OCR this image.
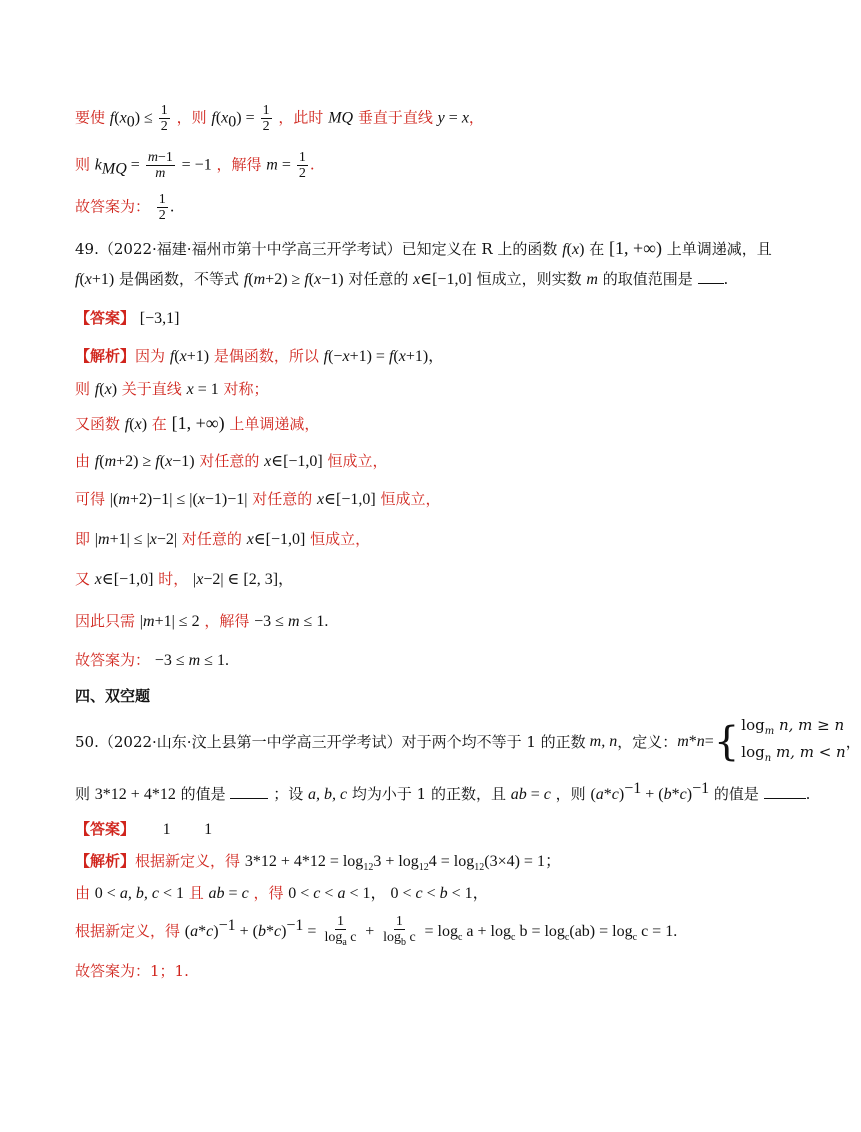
要使 $f(x_0) \le \frac{1}{2}$ ，则 $f(x_0) = \frac{1}{2}$ ，此时 MQ 垂直于直线 y = x，
则 $k_{MQ} = \frac{m-1}{m} = -1$ ，解得 $m = \frac{1}{2}$ .
故答案为： $\frac{1}{2}$ .
49.（2022·福建·福州市第十中学高三开学考试）已知定义在 R 上的函数 f(x) 在 [1, +∞) 上单调递减，且
f(x+1) 是偶函数，不等式 f(m+2) ≥ f(x−1) 对任意的 x∈[−1,0] 恒成立，则实数 m 的取值范围是 .
【答案】 [−3,1]
【解析】因为 f(x+1) 是偶函数，所以 f(−x+1) = f(x+1)，
则 f(x) 关于直线 x = 1 对称；
又函数 f(x) 在 [1, +∞) 上单调递减，
由 f(m+2) ≥ f(x−1) 对任意的 x∈[−1,0] 恒成立，
可得 |(m+2)−1| ≤ |(x−1)−1| 对任意的 x∈[−1,0] 恒成立，
即 |m+1| ≤ |x−2| 对任意的 x∈[−1,0] 恒成立，
又 x∈[−1,0] 时， |x−2| ∈ [2, 3]，
因此只需 |m+1| ≤ 2 ，解得 −3 ≤ m ≤ 1.
故答案为： −3 ≤ m ≤ 1.
四、双空题
50.（2022·山东·汶上县第一中学高三开学考试）对于两个均不等于 1 的正数 m, n ，定义： m * n = { $\log_m n$, m ≥ n
$\log_n m$, m < n
，
则 3*12 + 4*12 的值是	；设 a, b, c 均为小于 1 的正数，且 ab = c ，则 $(a*c)^{-1} + (b*c)^{-1}$ 的值是	.
【答案】 1 1
【解析】根据新定义，得 $3*12 + 4*12 = \log_{12}3 + \log_{12}4 = \log_{12}(3\times 4) = 1$；
由 0 < a, b, c < 1 且 ab = c ，得 0 < c < a < 1， 0 < c < b < 1，
根据新定义，得 $(a*c)^{-1} + (b*c)^{-1} = \frac{1}{\log_a c} + \frac{1}{\log_b c} = \log_c a + \log_c b = \log_c(ab) = \log_c c = 1$.
故答案为：1；1.
